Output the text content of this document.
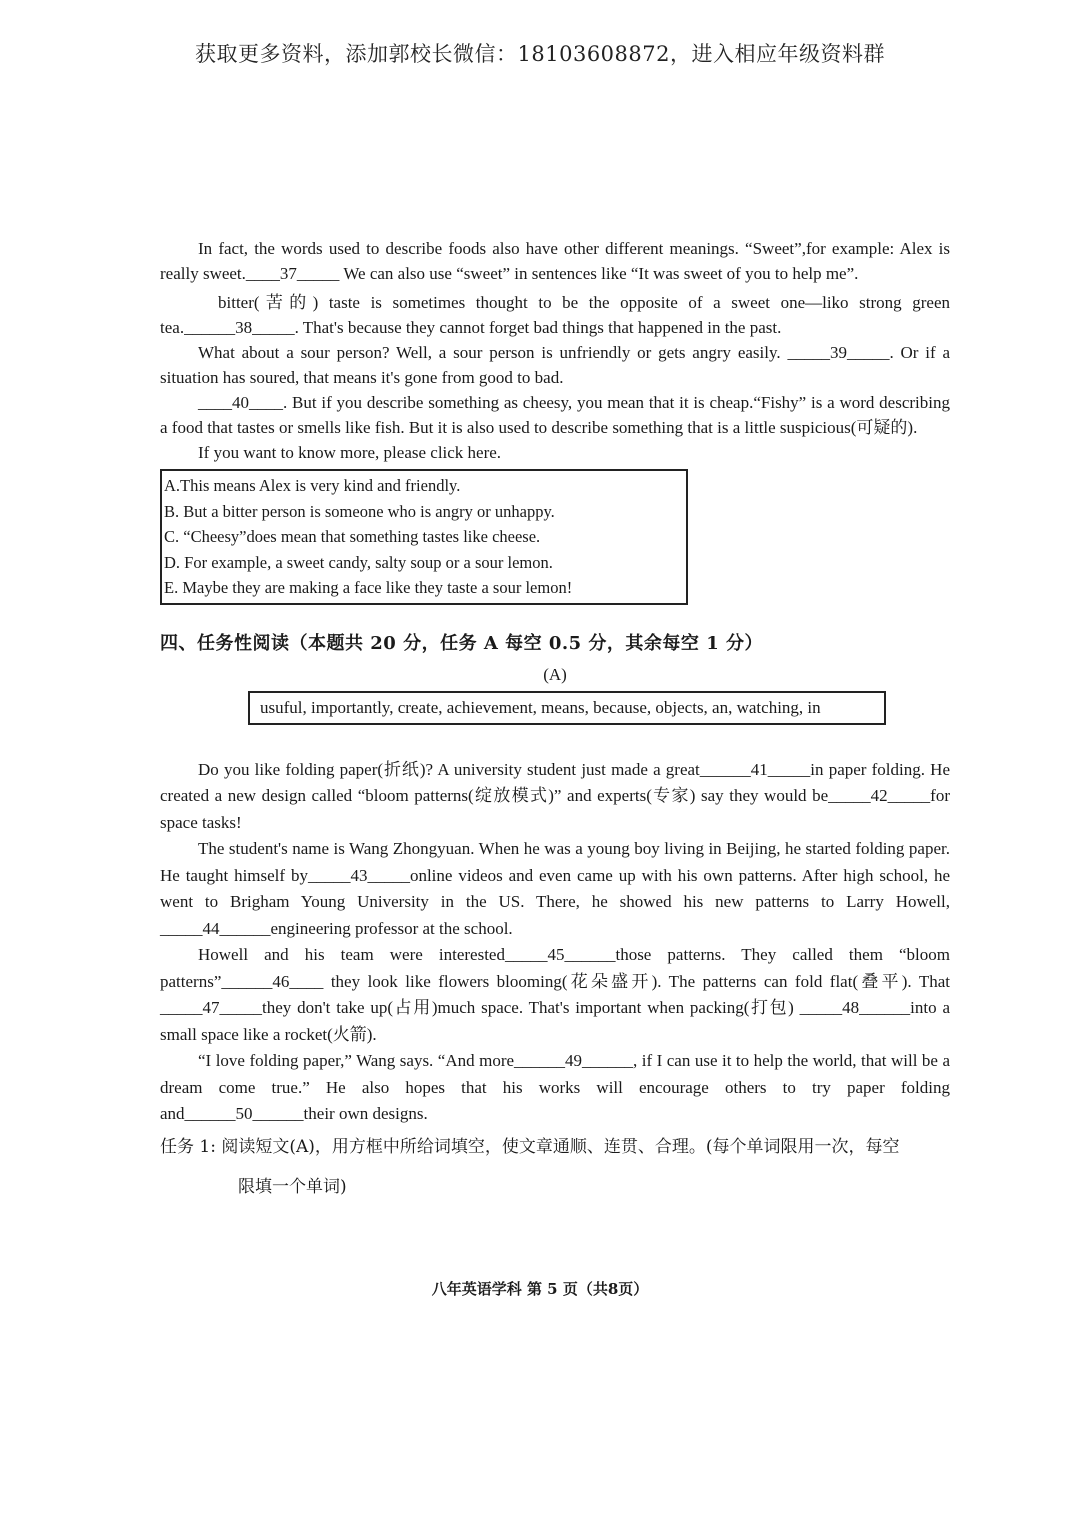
获取更多资料，添加郭校长微信：18103608872，进入相应年级资料群

In fact, the words used to describe foods also have other different meanings. “Sweet”,for example: Alex is really sweet.____37_____ We can also use “sweet” in sentences like “It was sweet of you to help me”.

bitter(苦的) taste is sometimes thought to be the opposite of a sweet one—liko strong green tea.______38_____. That's because they cannot forget bad things that happened in the past.

What about a sour person? Well, a sour person is unfriendly or gets angry easily. _____39_____. Or if a situation has soured, that means it's gone from good to bad.

____40____. But if you describe something as cheesy, you mean that it is cheap.“Fishy” is a word describing a food that tastes or smells like fish. But it is also used to describe something that is a little suspicious(可疑的).

If you want to know more, please click here.

A.This means Alex is very kind and friendly.
B. But a bitter person is someone who is angry or unhappy.
C. “Cheesy”does mean that something tastes like cheese.
D. For example, a sweet candy, salty soup or a sour lemon.
E. Maybe they are making a face like they taste a sour lemon!
四、任务性阅读（本题共 20 分，任务 A 每空 0.5 分，其余每空 1 分）
(A)
usuful, importantly, create, achievement, means, because, objects, an, watching, in

Do you like folding paper(折纸)? A university student just made a great______41_____in paper folding. He created a new design called “bloom patterns(绽放模式)” and experts(专家) say they would be_____42_____for space tasks!

The student's name is Wang Zhongyuan. When he was a young boy living in Beijing, he started folding paper. He taught himself by_____43_____online videos and even came up with his own patterns. After high school, he went to Brigham Young University in the US. There, he showed his new patterns to Larry Howell, _____44______engineering professor at the school.

Howell and his team were interested_____45______those patterns. They called them “bloom patterns”______46____ they look like flowers blooming(花朵盛开). The patterns can fold flat(叠平). That _____47_____they don't take up(占用)much space. That's important when packing(打包) _____48______into a small space like a rocket(火箭).

“I love folding paper,” Wang says. “And more______49______, if I can use it to help the world, that will be a dream come true.” He also hopes that his works will encourage others to try paper folding and______50______their own designs.

任务 1: 阅读短文(A)，用方框中所给词填空，使文章通顺、连贯、合理。(每个单词限用一次，每空
限填一个单词)
八年英语学科 第 5 页（共8页）
